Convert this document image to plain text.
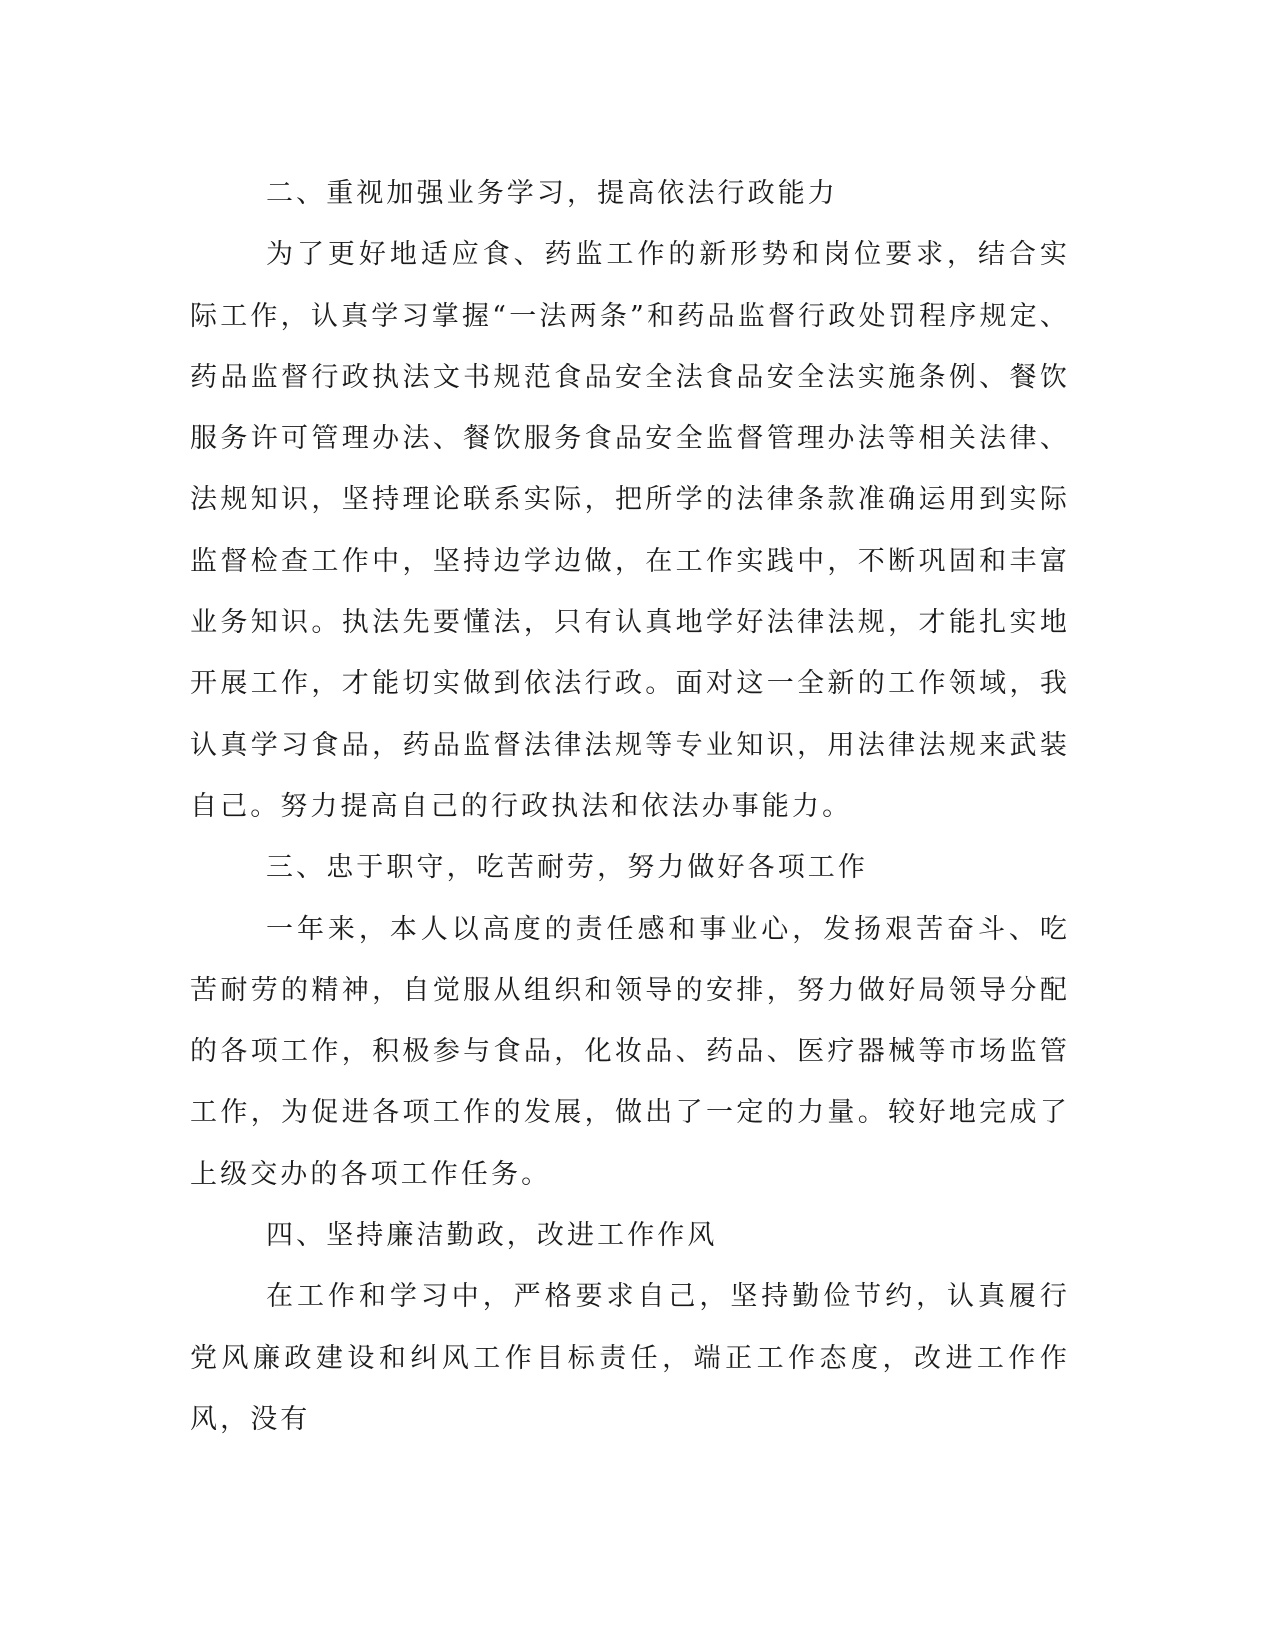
二、重视加强业务学习，提高依法行政能力

为了更好地适应食、药监工作的新形势和岗位要求，结合实际工作，认真学习掌握“一法两条”和药品监督行政处罚程序规定、药品监督行政执法文书规范食品安全法食品安全法实施条例、餐饮服务许可管理办法、餐饮服务食品安全监督管理办法等相关法律、法规知识，坚持理论联系实际，把所学的法律条款准确运用到实际监督检查工作中，坚持边学边做，在工作实践中，不断巩固和丰富业务知识。执法先要懂法，只有认真地学好法律法规，才能扎实地开展工作，才能切实做到依法行政。面对这一全新的工作领域，我认真学习食品，药品监督法律法规等专业知识，用法律法规来武装自己。努力提高自己的行政执法和依法办事能力。

三、忠于职守，吃苦耐劳，努力做好各项工作

一年来，本人以高度的责任感和事业心，发扬艰苦奋斗、吃苦耐劳的精神，自觉服从组织和领导的安排，努力做好局领导分配的各项工作，积极参与食品，化妆品、药品、医疗器械等市场监管工作，为促进各项工作的发展，做出了一定的力量。较好地完成了上级交办的各项工作任务。

四、坚持廉洁勤政，改进工作作风

在工作和学习中，严格要求自己，坚持勤俭节约，认真履行党风廉政建设和纠风工作目标责任，端正工作态度，改进工作作风，没有
